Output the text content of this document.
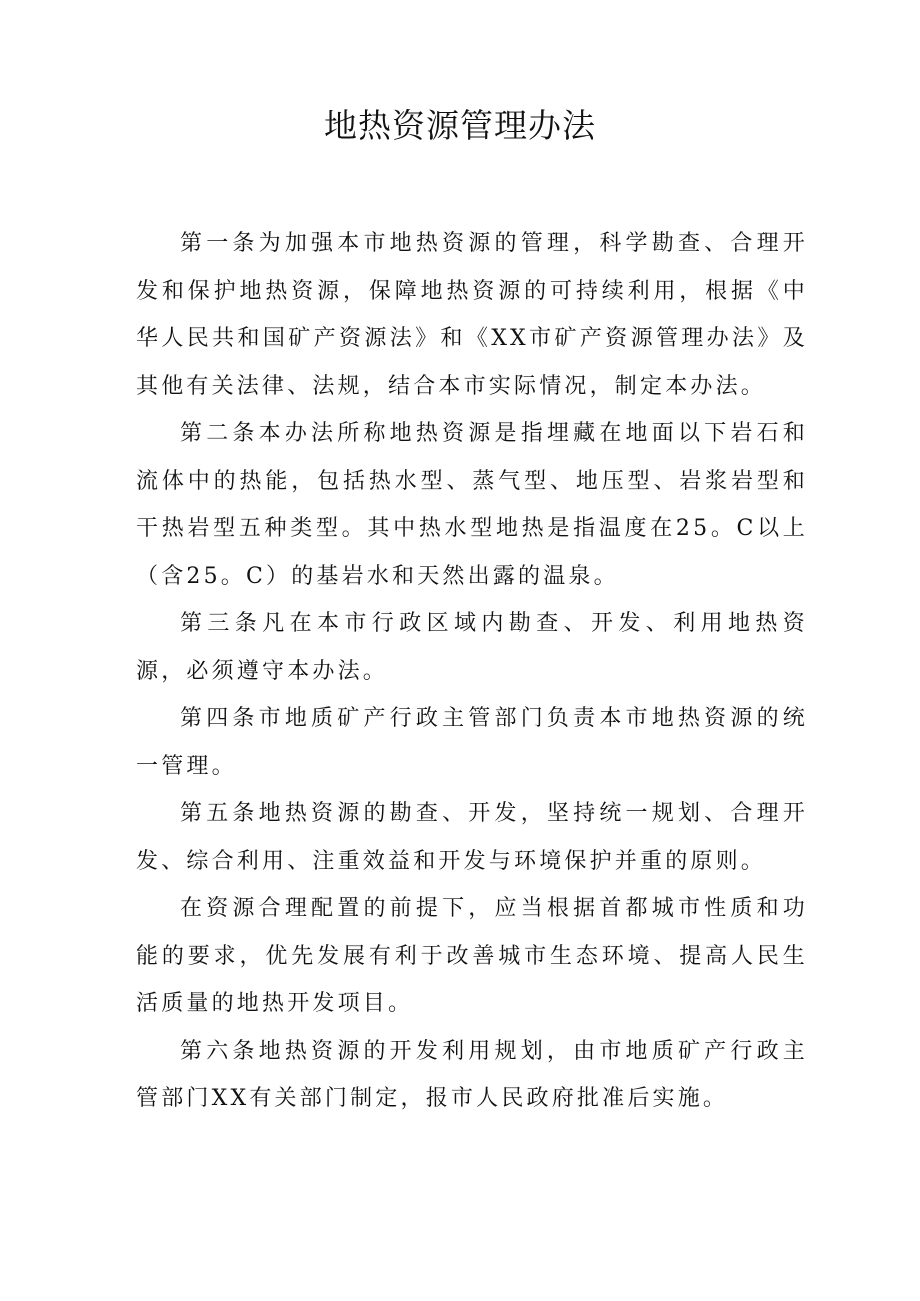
地热资源管理办法

第一条为加强本市地热资源的管理，科学勘查、合理开发和保护地热资源，保障地热资源的可持续利用，根据《中华人民共和国矿产资源法》和《XX市矿产资源管理办法》及其他有关法律、法规，结合本市实际情况，制定本办法。

第二条本办法所称地热资源是指埋藏在地面以下岩石和流体中的热能，包括热水型、蒸气型、地压型、岩浆岩型和干热岩型五种类型。其中热水型地热是指温度在25。C以上（含25。C）的基岩水和天然出露的温泉。

第三条凡在本市行政区域内勘查、开发、利用地热资源，必须遵守本办法。

第四条市地质矿产行政主管部门负责本市地热资源的统一管理。

第五条地热资源的勘查、开发，坚持统一规划、合理开发、综合利用、注重效益和开发与环境保护并重的原则。

在资源合理配置的前提下，应当根据首都城市性质和功能的要求，优先发展有利于改善城市生态环境、提高人民生活质量的地热开发项目。

第六条地热资源的开发利用规划，由市地质矿产行政主管部门XX有关部门制定，报市人民政府批准后实施。
